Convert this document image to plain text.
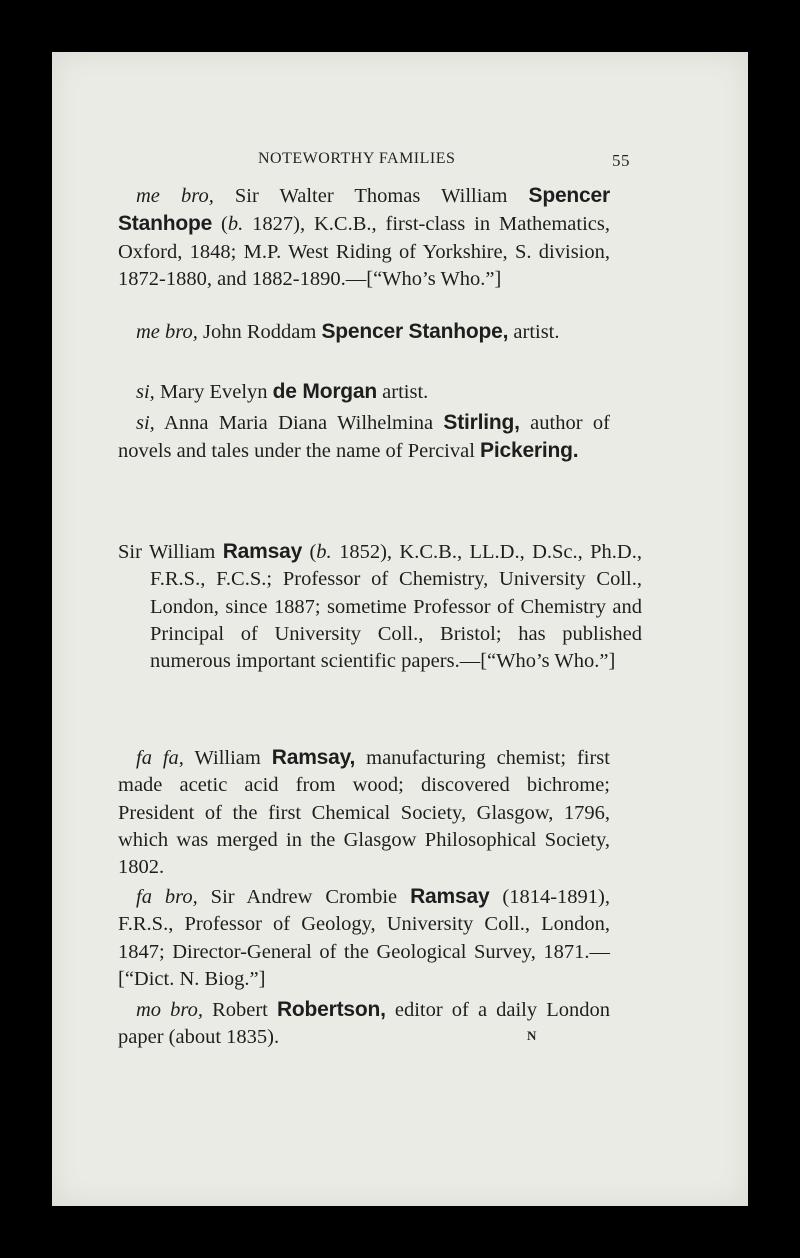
NOTEWORTHY FAMILIES	55

me bro, Sir Walter Thomas William Spencer Stanhope (b. 1827), K.C.B., first-class in Mathematics, Oxford, 1848; M.P. West Riding of Yorkshire, S. division, 1872-1880, and 1882-1890.—[“Who’s Who.”]

me bro, John Roddam Spencer Stanhope, artist.

si, Mary Evelyn de Morgan artist.

si, Anna Maria Diana Wilhelmina Stirling, author of novels and tales under the name of Percival Pickering.

Sir William Ramsay (b. 1852), K.C.B., LL.D., D.Sc., Ph.D., F.R.S., F.C.S.; Professor of Chemistry, University Coll., London, since 1887; sometime Professor of Chemistry and Principal of University Coll., Bristol; has published numerous important scientific papers.—[“Who’s Who.”]

fa fa, William Ramsay, manufacturing chemist; first made acetic acid from wood; discovered bichrome; President of the first Chemical Society, Glasgow, 1796, which was merged in the Glasgow Philosophical Society, 1802.

fa bro, Sir Andrew Crombie Ramsay (1814-1891), F.R.S., Professor of Geology, University Coll., London, 1847; Director-General of the Geological Survey, 1871.—[“Dict. N. Biog.”]

mo bro, Robert Robertson, editor of a daily London paper (about 1835).	N
